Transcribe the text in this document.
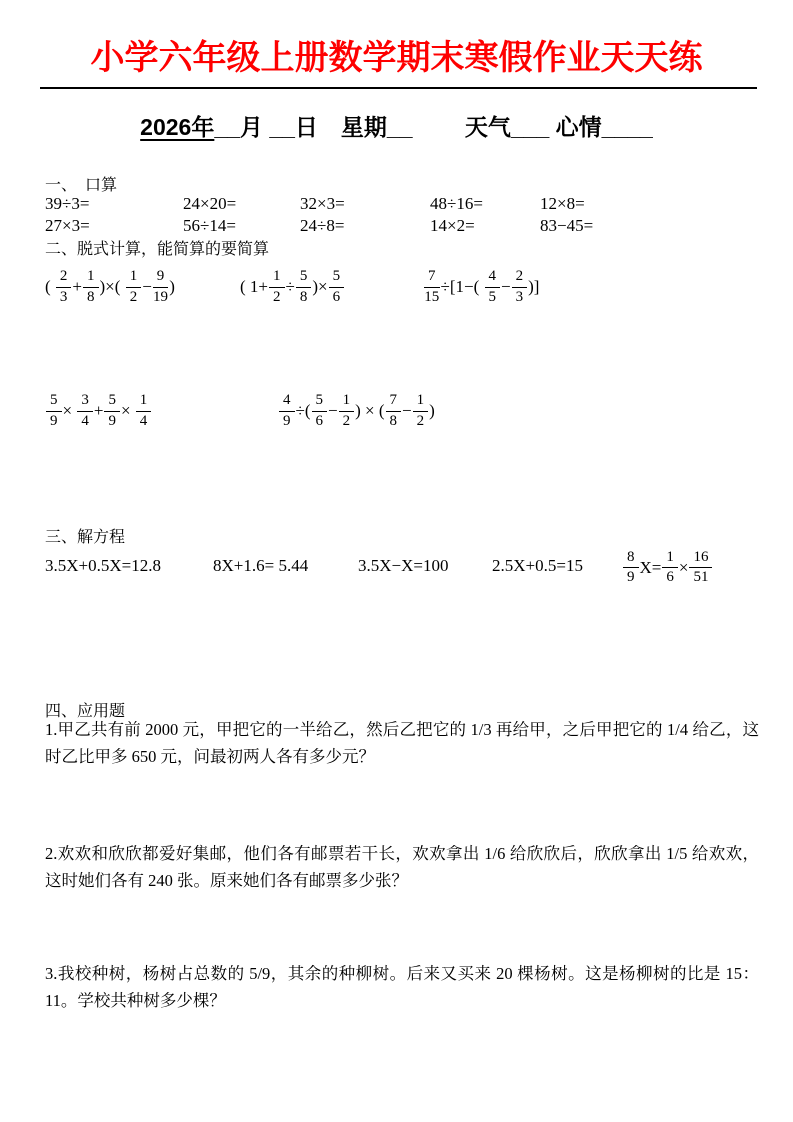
小学六年级上册数学期末寒假作业天天练
2026年__月 __日　星期__　　 天气___ 心情____
一、　口算
39÷3=	24×20=	32×3=	48÷16=	12×8=
27×3=	56÷14=	24÷8=	14×2=	83−45=
二、脱式计算，能简算的要简算
( $\frac{2}{3} + \frac{1}{8}$ )×( $\frac{1}{2} - \frac{9}{19}$ )	( $1+ \frac{1}{2} \div \frac{5}{8}$ )× $\frac{5}{6}$	$\frac{7}{15} \div[1-( \frac{4}{5} - \frac{2}{3}$ )]
$\frac{5}{9} \times \frac{3}{4} + \frac{5}{9} \times \frac{1}{4}$	$\frac{4}{9}$ ÷( $\frac{5}{6} - \frac{1}{2}$ ) × ( $\frac{7}{8} - \frac{1}{2}$ )
三、解方程
3.5X+0.5X=12.8	8X+1.6= 5.44	3.5X−X=100	2.5X+0.5=15	$\frac{8}{9} X= \frac{1}{6} \times \frac{16}{51}$
四、应用题
1.甲乙共有前 2000 元，甲把它的一半给乙，然后乙把它的 1/3 再给甲，之后甲把它的 1/4 给乙，这时乙比甲多 650 元，问最初两人各有多少元？
2.欢欢和欣欣都爱好集邮，他们各有邮票若干长，欢欢拿出 1/6 给欣欣后，欣欣拿出 1/5 给欢欢，这时她们各有 240 张。原来她们各有邮票多少张？
3.我校种树，杨树占总数的 5/9，其余的种柳树。后来又买来 20 棵杨树。这是杨柳树的比是 15：11。学校共种树多少棵？
